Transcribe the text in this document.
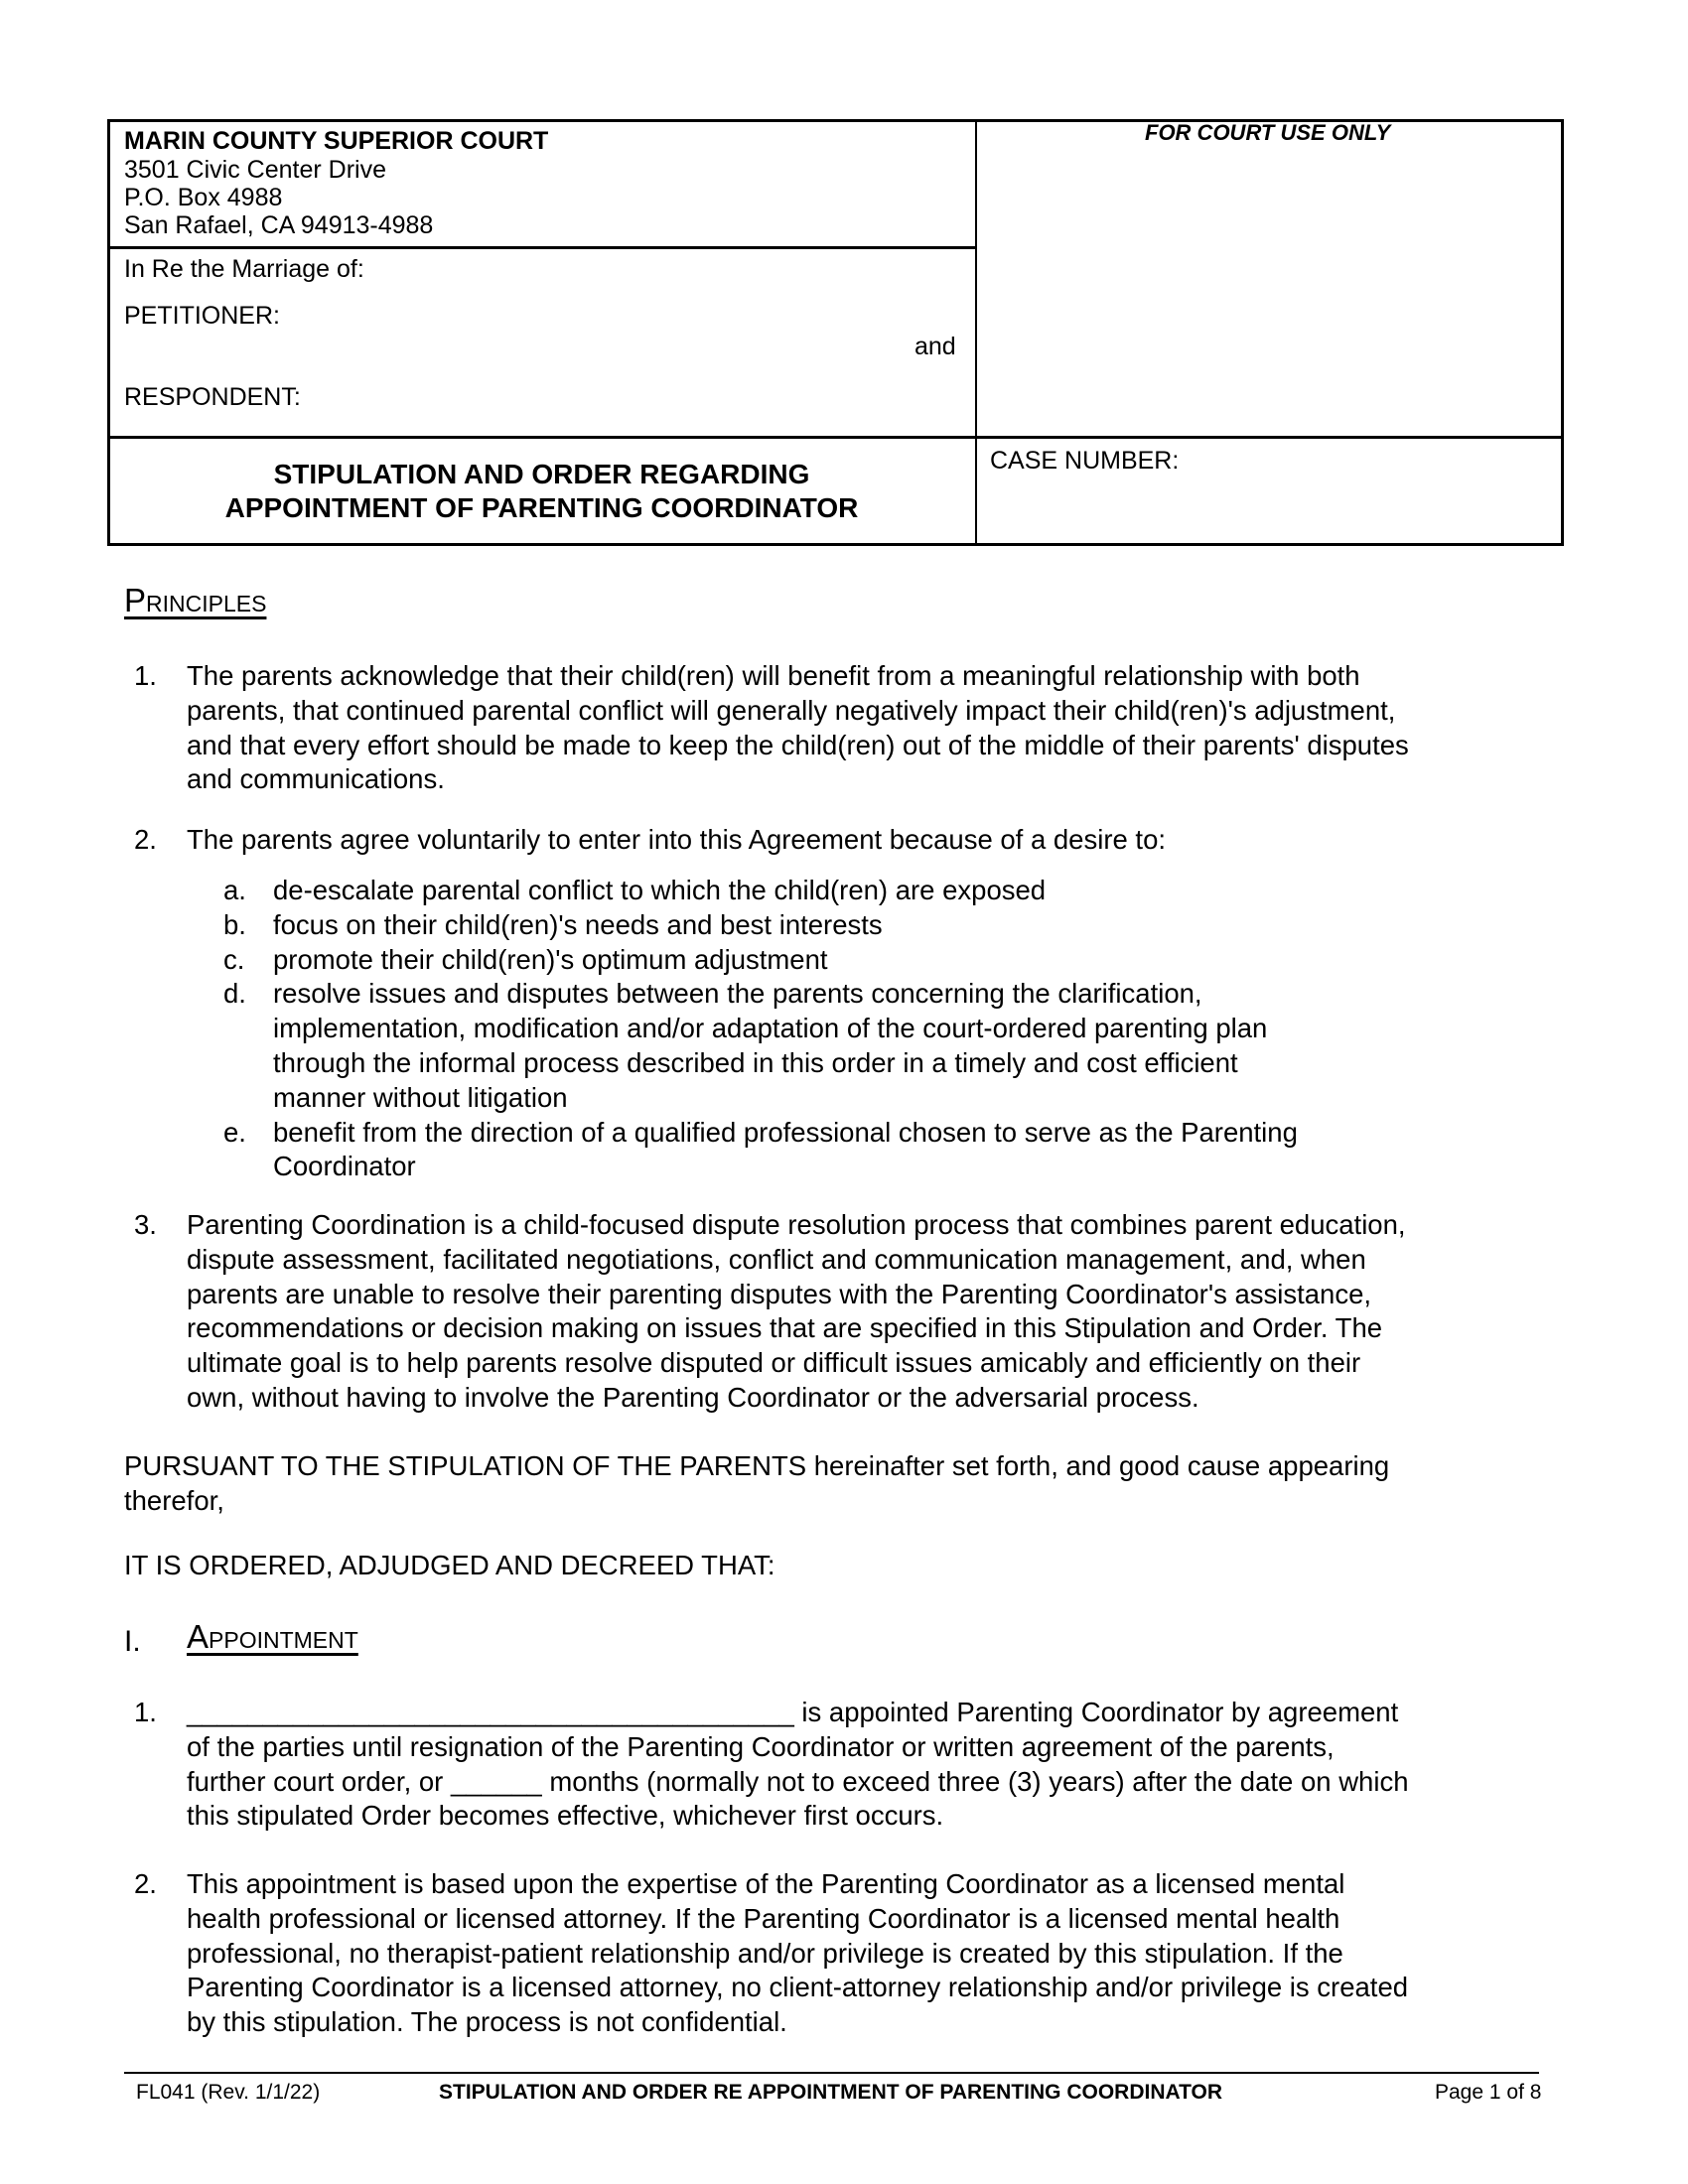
MARIN COUNTY SUPERIOR COURT
3501 Civic Center Drive
P.O. Box 4988
San Rafael, CA 94913-4988
FOR COURT USE ONLY
In Re the Marriage of:
PETITIONER:
and
RESPONDENT:
STIPULATION AND ORDER REGARDING
APPOINTMENT OF PARENTING COORDINATOR
CASE NUMBER:
Principles
1. The parents acknowledge that their child(ren) will benefit from a meaningful relationship with both
parents, that continued parental conflict will generally negatively impact their child(ren)'s adjustment,
and that every effort should be made to keep the child(ren) out of the middle of their parents' disputes
and communications.
2. The parents agree voluntarily to enter into this Agreement because of a desire to:
a. de-escalate parental conflict to which the child(ren) are exposed
b. focus on their child(ren)'s needs and best interests
c. promote their child(ren)'s optimum adjustment
d. resolve issues and disputes between the parents concerning the clarification,
implementation, modification and/or adaptation of the court-ordered parenting plan
through the informal process described in this order in a timely and cost efficient
manner without litigation
e. benefit from the direction of a qualified professional chosen to serve as the Parenting
Coordinator
3. Parenting Coordination is a child-focused dispute resolution process that combines parent education,
dispute assessment, facilitated negotiations, conflict and communication management, and, when
parents are unable to resolve their parenting disputes with the Parenting Coordinator's assistance,
recommendations or decision making on issues that are specified in this Stipulation and Order. The
ultimate goal is to help parents resolve disputed or difficult issues amicably and efficiently on their
own, without having to involve the Parenting Coordinator or the adversarial process.
PURSUANT TO THE STIPULATION OF THE PARENTS hereinafter set forth, and good cause appearing
therefor,
IT IS ORDERED, ADJUDGED AND DECREED THAT:
I. Appointment
1. ________________________________________ is appointed Parenting Coordinator by agreement
of the parties until resignation of the Parenting Coordinator or written agreement of the parents,
further court order, or ______ months (normally not to exceed three (3) years) after the date on which
this stipulated Order becomes effective, whichever first occurs.
2. This appointment is based upon the expertise of the Parenting Coordinator as a licensed mental
health professional or licensed attorney. If the Parenting Coordinator is a licensed mental health
professional, no therapist-patient relationship and/or privilege is created by this stipulation. If the
Parenting Coordinator is a licensed attorney, no client-attorney relationship and/or privilege is created
by this stipulation. The process is not confidential.
FL041 (Rev. 1/1/22)	STIPULATION AND ORDER RE APPOINTMENT OF PARENTING COORDINATOR	Page 1 of 8
